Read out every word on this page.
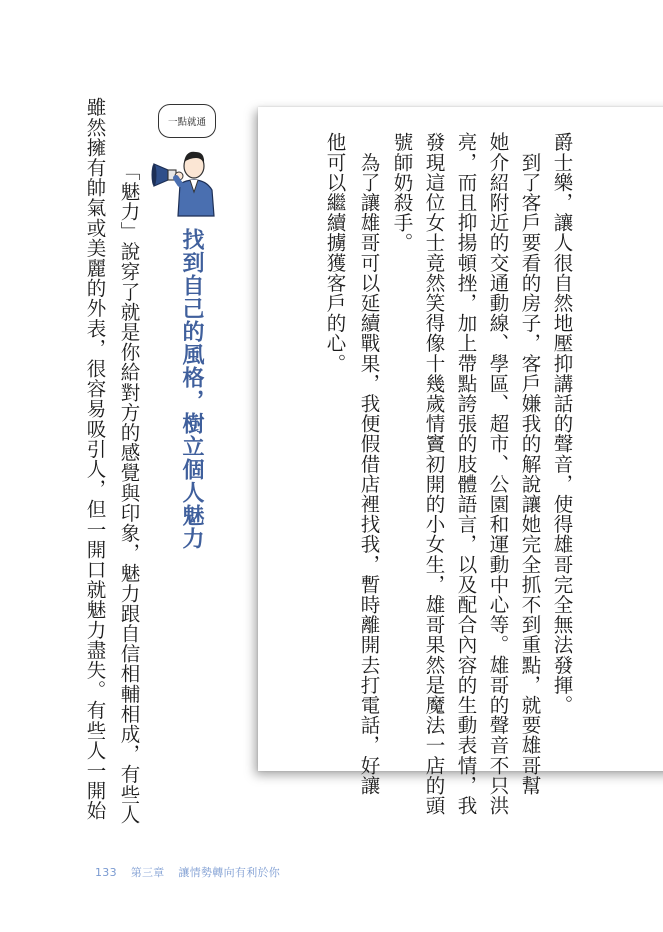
爵士樂，讓人很自然地壓抑講話的聲音，使得雄哥完全無法發揮。
　到了客戶要看的房子，客戶嫌我的解說讓她完全抓不到重點，就要雄哥幫
她介紹附近的交通動線、學區、超市、公園和運動中心等。雄哥的聲音不只洪
亮，而且抑揚頓挫，加上帶點誇張的肢體語言，以及配合內容的生動表情，我
發現這位女士竟然笑得像十幾歲情竇初開的小女生，雄哥果然是魔法一店的頭
號師奶殺手。
　為了讓雄哥可以延續戰果，我便假借店裡找我，暫時離開去打電話，好讓
他可以繼續擄獲客戶的心。
一點就通
找到自己的風格，樹立個人魅力
「魅力」說穿了就是你給對方的感覺與印象，魅力跟自信相輔相成，有些人
雖然擁有帥氣或美麗的外表，很容易吸引人，但一開口就魅力盡失。有些人一開始
133 第三章 讓情勢轉向有利於你
